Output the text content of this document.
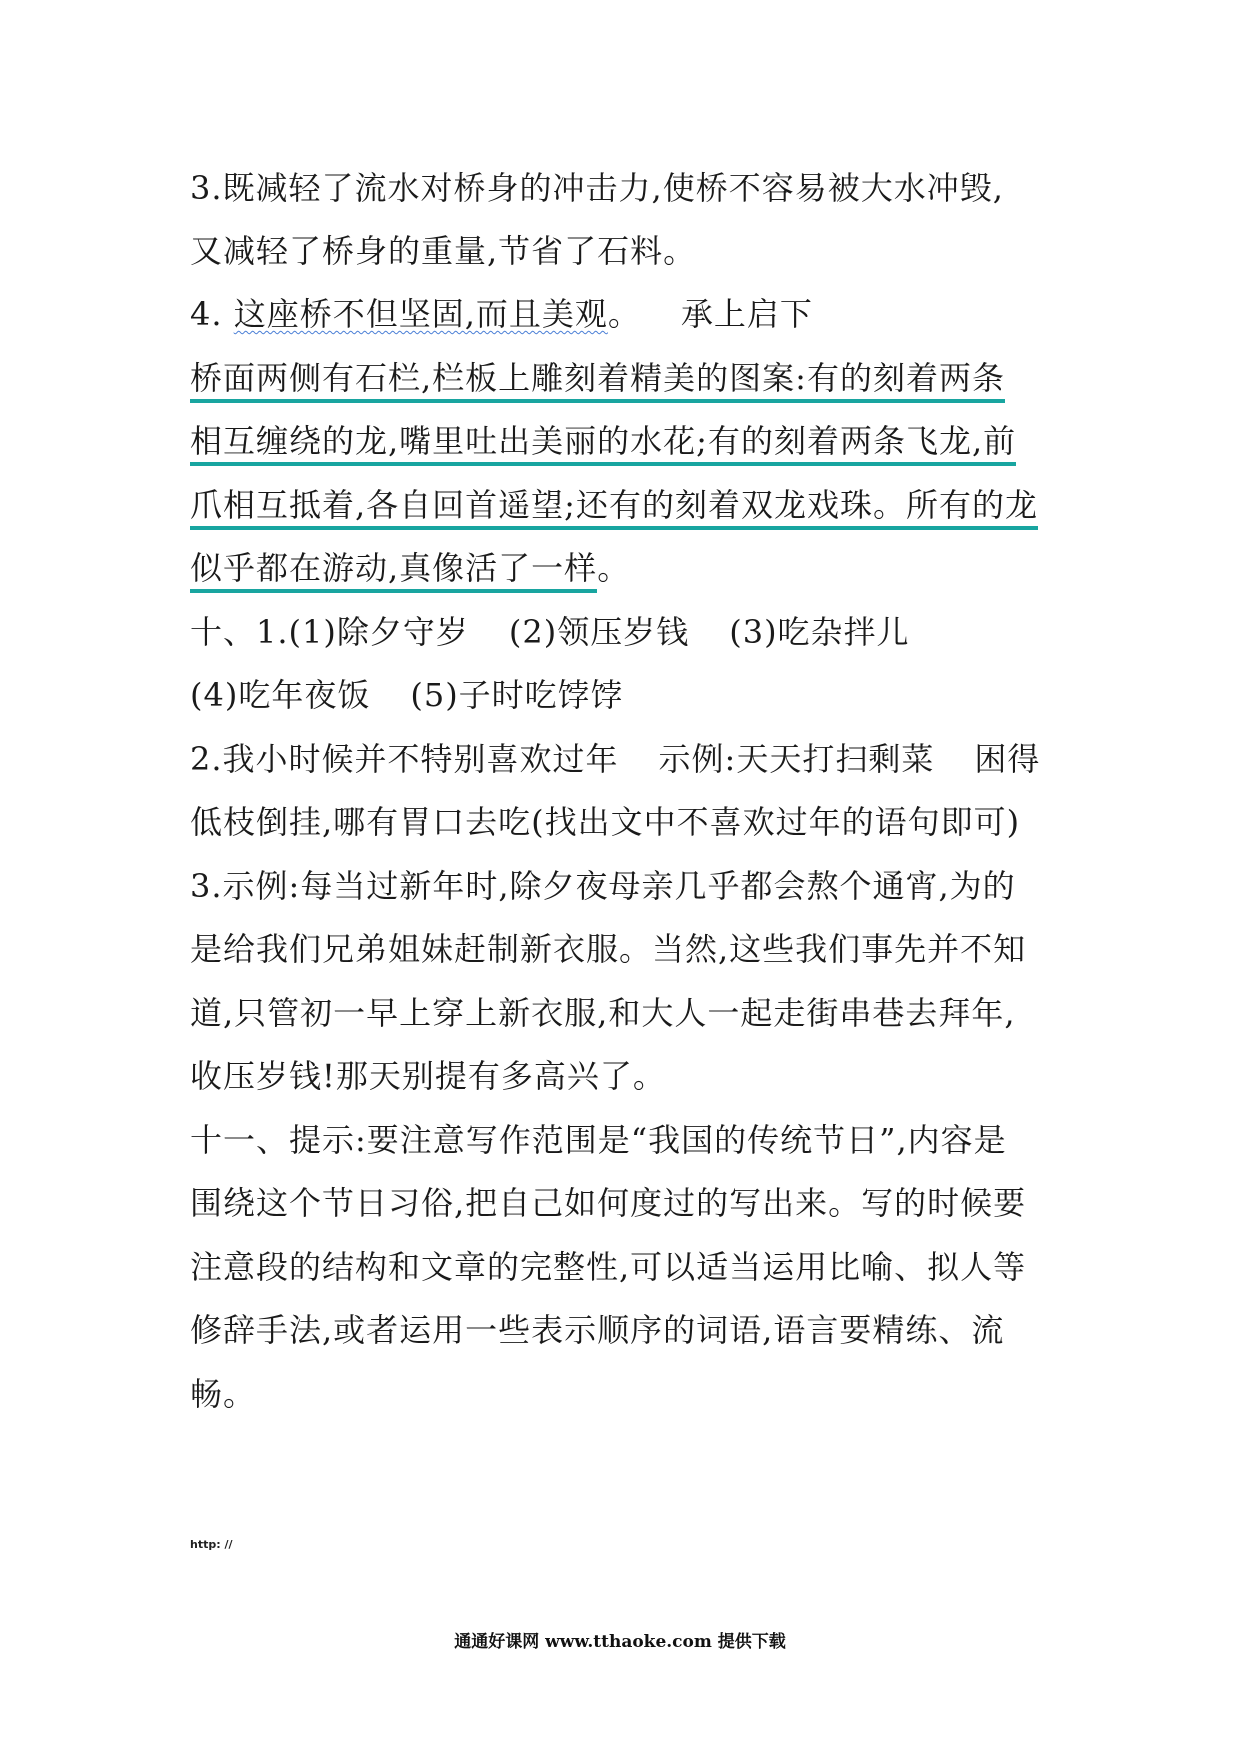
3.既减轻了流水对桥身的冲击力,使桥不容易被大水冲毁,
又减轻了桥身的重量,节省了石料。
4. 这座桥不但坚固,而且美观。 承上启下
桥面两侧有石栏,栏板上雕刻着精美的图案:有的刻着两条
相互缠绕的龙,嘴里吐出美丽的水花;有的刻着两条飞龙,前
爪相互抵着,各自回首遥望;还有的刻着双龙戏珠。所有的龙
似乎都在游动,真像活了一样。
十、1.(1)除夕守岁 (2)领压岁钱 (3)吃杂拌儿
(4)吃年夜饭 (5)子时吃饽饽
2.我小时候并不特别喜欢过年 示例:天天打扫剩菜 困得
低枝倒挂,哪有胃口去吃(找出文中不喜欢过年的语句即可)
3.示例:每当过新年时,除夕夜母亲几乎都会熬个通宵,为的
是给我们兄弟姐妹赶制新衣服。当然,这些我们事先并不知
道,只管初一早上穿上新衣服,和大人一起走街串巷去拜年,
收压岁钱!那天别提有多高兴了。
十一、提示:要注意写作范围是“我国的传统节日”,内容是
围绕这个节日习俗,把自己如何度过的写出来。写的时候要
注意段的结构和文章的完整性,可以适当运用比喻、拟人等
修辞手法,或者运用一些表示顺序的词语,语言要精练、流
畅。
http: //
通通好课网 www.tthaoke.com 提供下载
